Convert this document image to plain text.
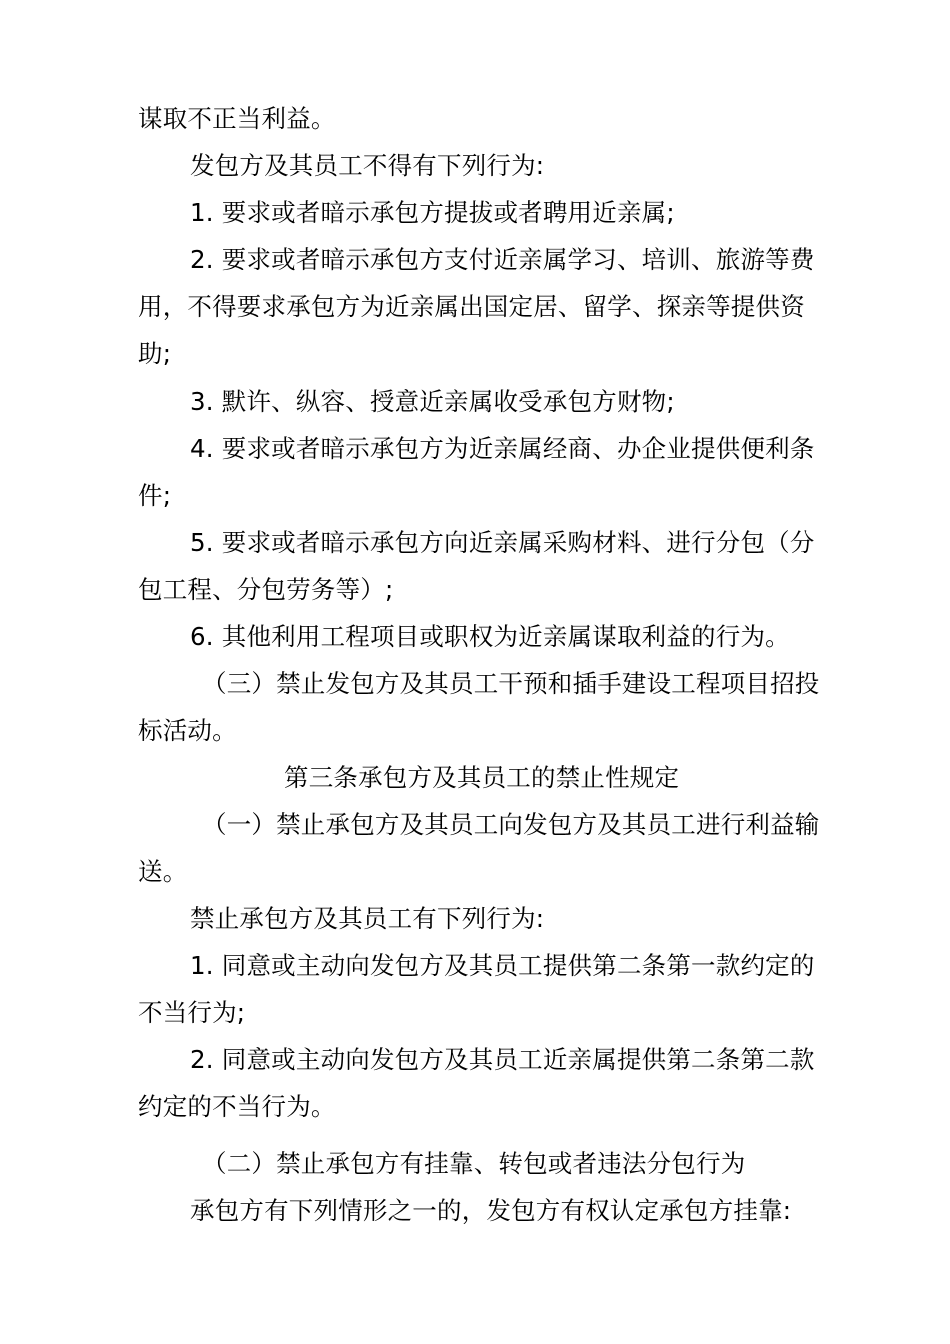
谋取不正当利益。
发包方及其员工不得有下列行为:
1. 要求或者暗示承包方提拔或者聘用近亲属;
2. 要求或者暗示承包方支付近亲属学习、培训、旅游等费
用，不得要求承包方为近亲属出国定居、留学、探亲等提供资
助;
3. 默许、纵容、授意近亲属收受承包方财物;
4. 要求或者暗示承包方为近亲属经商、办企业提供便利条
件;
5. 要求或者暗示承包方向近亲属采购材料、进行分包（分
包工程、分包劳务等）;
6. 其他利用工程项目或职权为近亲属谋取利益的行为。
（三）禁止发包方及其员工干预和插手建设工程项目招投
标活动。
第三条承包方及其员工的禁止性规定
（一）禁止承包方及其员工向发包方及其员工进行利益输
送。
禁止承包方及其员工有下列行为:
1. 同意或主动向发包方及其员工提供第二条第一款约定的
不当行为;
2. 同意或主动向发包方及其员工近亲属提供第二条第二款
约定的不当行为。
（二）禁止承包方有挂靠、转包或者违法分包行为
承包方有下列情形之一的，发包方有权认定承包方挂靠:
